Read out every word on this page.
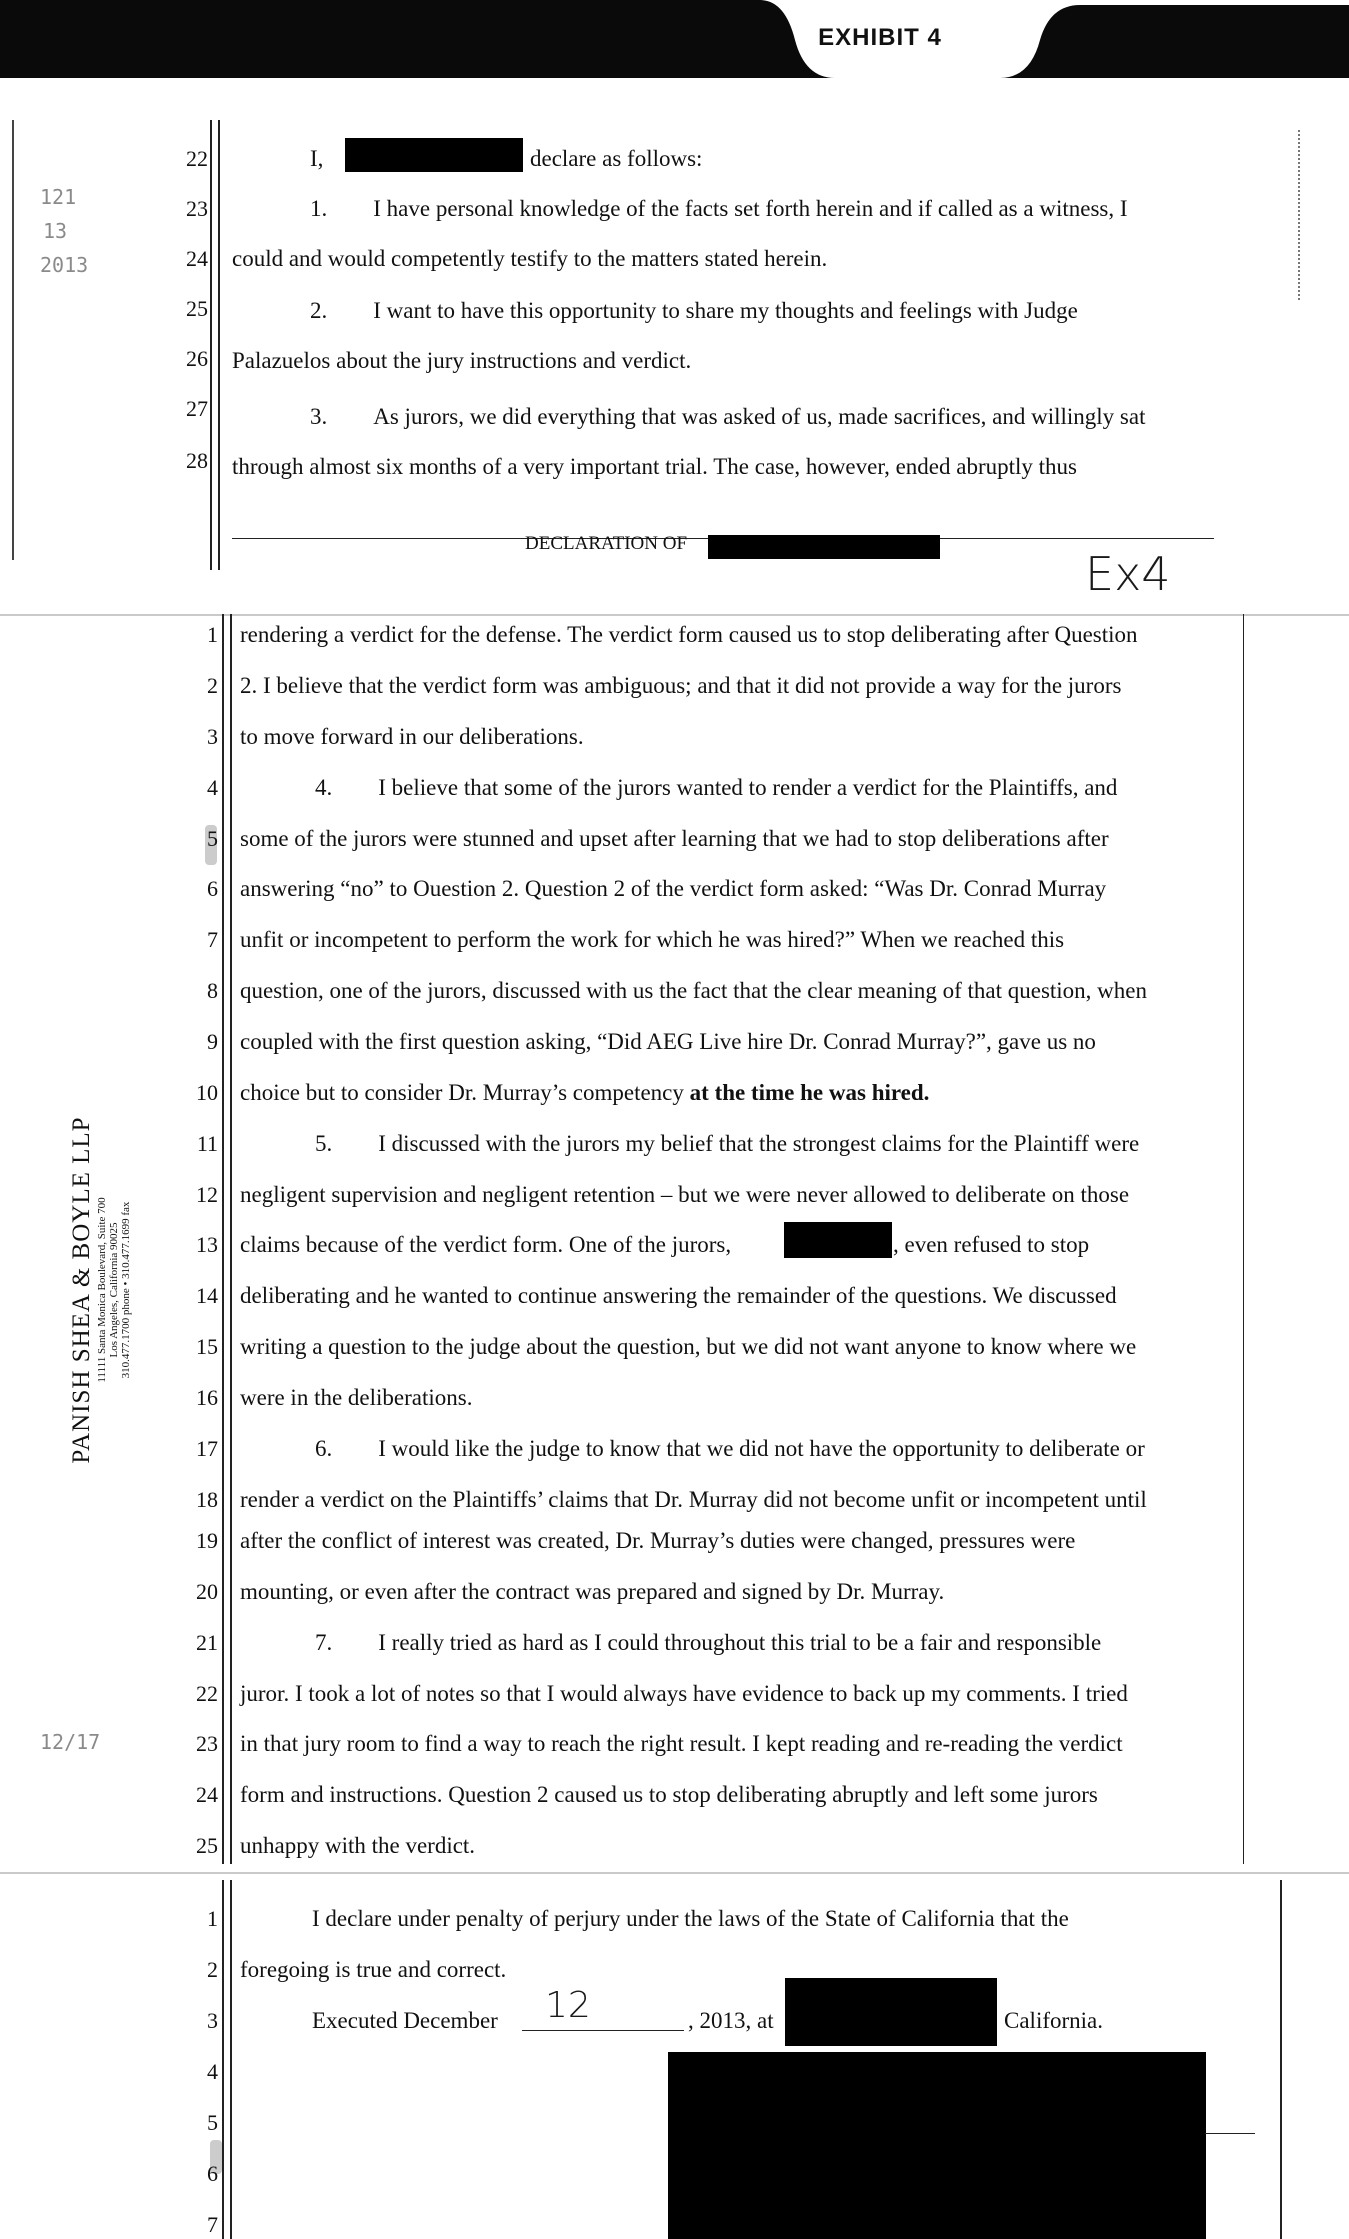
EXHIBIT 4
121 13 2013
22	I,	declare as follows:
23	1.  I have personal knowledge of the facts set forth herein and if called as a witness, I
24 could and would competently testify to the matters stated herein.
25	2.  I want to have this opportunity to share my thoughts and feelings with Judge
26 Palazuelos about the jury instructions and verdict.
27	3.  As jurors, we did everything that was asked of us, made sacrifices, and willingly sat
28 through almost six months of a very important trial. The case, however, ended abruptly thus
DECLARATION OF
Ex4
PANISH SHEA & BOYLE LLP 11111 Santa Monica Boulevard, Suite 700 Los Angeles, California 90025 310.477.1700 phone • 310.477.1699 fax
12/17
1 rendering a verdict for the defense. The verdict form caused us to stop deliberating after Question
2 2. I believe that the verdict form was ambiguous; and that it did not provide a way for the jurors
3 to move forward in our deliberations.
4	4.  I believe that some of the jurors wanted to render a verdict for the Plaintiffs, and
5 some of the jurors were stunned and upset after learning that we had to stop deliberations after
6 answering “no” to Ouestion 2. Question 2 of the verdict form asked: “Was Dr. Conrad Murray
7 unfit or incompetent to perform the work for which he was hired?” When we reached this
8 question, one of the jurors, discussed with us the fact that the clear meaning of that question, when
9 coupled with the first question asking, “Did AEG Live hire Dr. Conrad Murray?”, gave us no
10 choice but to consider Dr. Murray’s competency at the time he was hired.
11	5.  I discussed with the jurors my belief that the strongest claims for the Plaintiff were
12 negligent supervision and negligent retention – but we were never allowed to deliberate on those
13 claims because of the verdict form. One of the jurors,	, even refused to stop
14 deliberating and he wanted to continue answering the remainder of the questions. We discussed
15 writing a question to the judge about the question, but we did not want anyone to know where we
16 were in the deliberations.
17	6.  I would like the judge to know that we did not have the opportunity to deliberate or
18 render a verdict on the Plaintiffs’ claims that Dr. Murray did not become unfit or incompetent until
19 after the conflict of interest was created, Dr. Murray’s duties were changed, pressures were
20 mounting, or even after the contract was prepared and signed by Dr. Murray.
21	7.  I really tried as hard as I could throughout this trial to be a fair and responsible
22 juror. I took a lot of notes so that I would always have evidence to back up my comments. I tried
23 in that jury room to find a way to reach the right result. I kept reading and re-reading the verdict
24 form and instructions. Question 2 caused us to stop deliberating abruptly and left some jurors
25 unhappy with the verdict.
1	I declare under penalty of perjury under the laws of the State of California that the
2 foregoing is true and correct.
3	Executed December 12	, 2013, at	California.
4
5
6
7
